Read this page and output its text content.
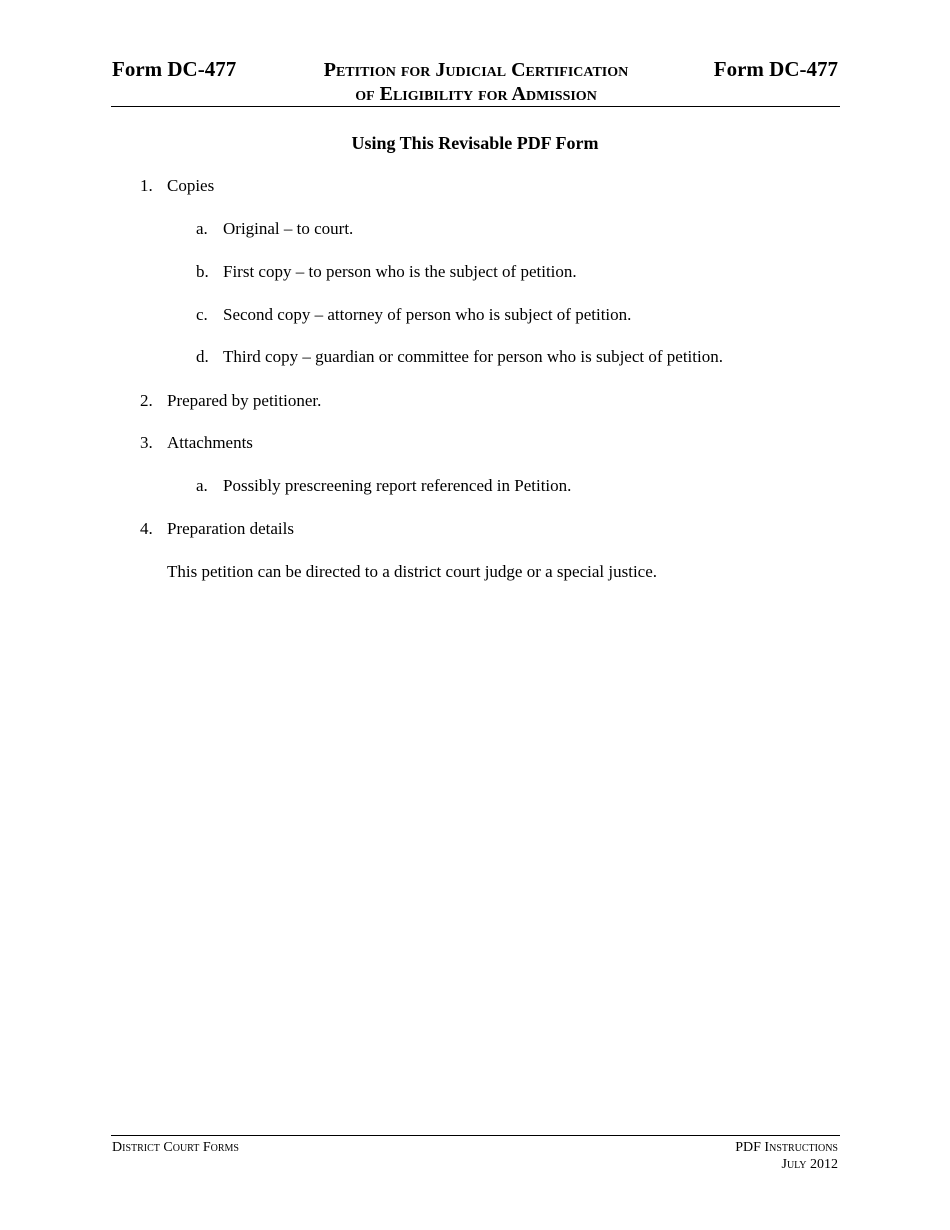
Form DC-477	Petition for Judicial Certification
of Eligibility for Admission
Form DC-477
Using This Revisable PDF Form
1. Copies
a. Original – to court.
b. First copy – to person who is the subject of petition.
c. Second copy – attorney of person who is subject of petition.
d. Third copy – guardian or committee for person who is subject of petition.
2. Prepared by petitioner.
3. Attachments
a. Possibly prescreening report referenced in Petition.
4. Preparation details
This petition can be directed to a district court judge or a special justice.
District Court Forms	PDF Instructions
July 2012
